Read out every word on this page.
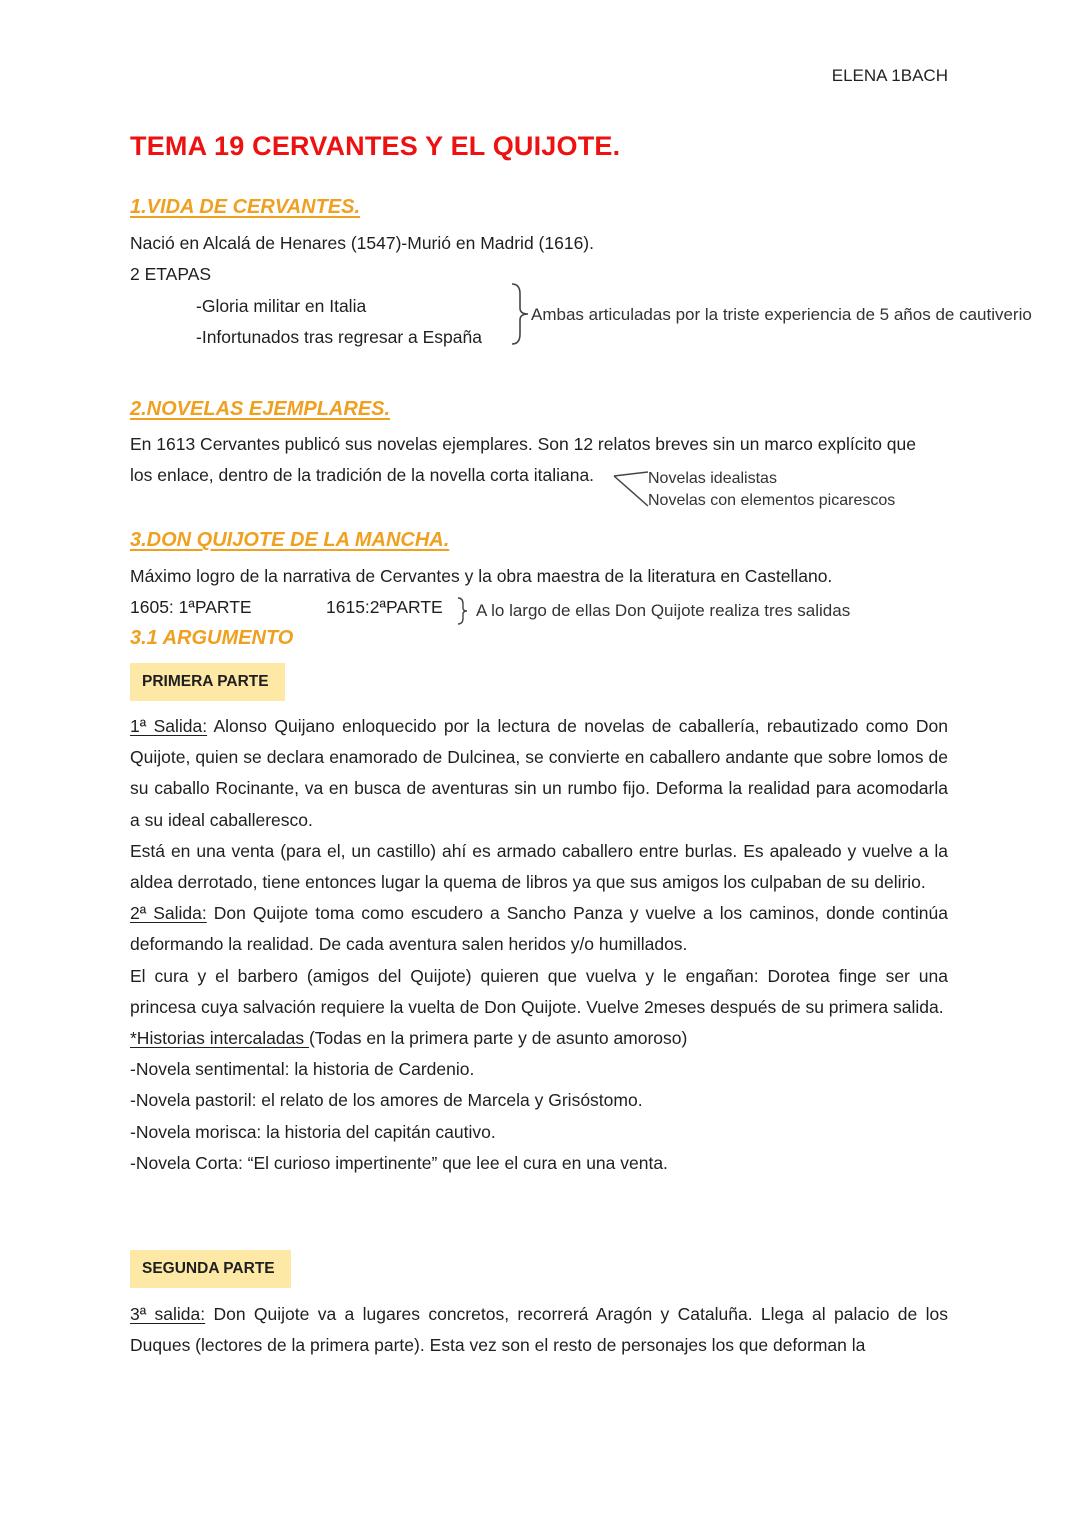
ELENA 1BACH
TEMA 19 CERVANTES Y EL QUIJOTE.
1.VIDA DE CERVANTES.
Nació en Alcalá de Henares (1547)-Murió en Madrid (1616).
2 ETAPAS
-Gloria militar en Italia
-Infortunados tras regresar a España
Ambas articuladas por la triste experiencia de 5 años de cautiverio
2.NOVELAS EJEMPLARES.
En 1613 Cervantes publicó sus novelas ejemplares. Son 12 relatos breves sin un marco explícito que
los enlace, dentro de la tradición de la novella corta italiana.	Novelas idealistas
Novelas con elementos picarescos
3.DON QUIJOTE DE LA MANCHA.
Máximo logro de la narrativa de Cervantes y la obra maestra de la literatura en Castellano.
1605: 1ªPARTE	1615:2ªPARTE A lo largo de ellas Don Quijote realiza tres salidas
3.1 ARGUMENTO
PRIMERA PARTE

1ª Salida: Alonso Quijano enloquecido por la lectura de novelas de caballería, rebautizado como Don Quijote, quien se declara enamorado de Dulcinea, se convierte en caballero andante que sobre lomos de su caballo Rocinante, va en busca de aventuras sin un rumbo fijo. Deforma la realidad para acomodarla a su ideal caballeresco.

Está en una venta (para el, un castillo) ahí es armado caballero entre burlas. Es apaleado y vuelve a la aldea derrotado, tiene entonces lugar la quema de libros ya que sus amigos los culpaban de su delirio.

2ª Salida: Don Quijote toma como escudero a Sancho Panza y vuelve a los caminos, donde continúa deformando la realidad. De cada aventura salen heridos y/o humillados.

El cura y el barbero (amigos del Quijote) quieren que vuelva y le engañan: Dorotea finge ser una princesa cuya salvación requiere la vuelta de Don Quijote. Vuelve 2meses después de su primera salida.

*Historias intercaladas (Todas en la primera parte y de asunto amoroso)

-Novela sentimental: la historia de Cardenio.

-Novela pastoril: el relato de los amores de Marcela y Grisóstomo.

-Novela morisca: la historia del capitán cautivo.

-Novela Corta: “El curioso impertinente” que lee el cura en una venta.

SEGUNDA PARTE

3ª salida: Don Quijote va a lugares concretos, recorrerá Aragón y Cataluña. Llega al palacio de los Duques (lectores de la primera parte). Esta vez son el resto de personajes los que deforman la
